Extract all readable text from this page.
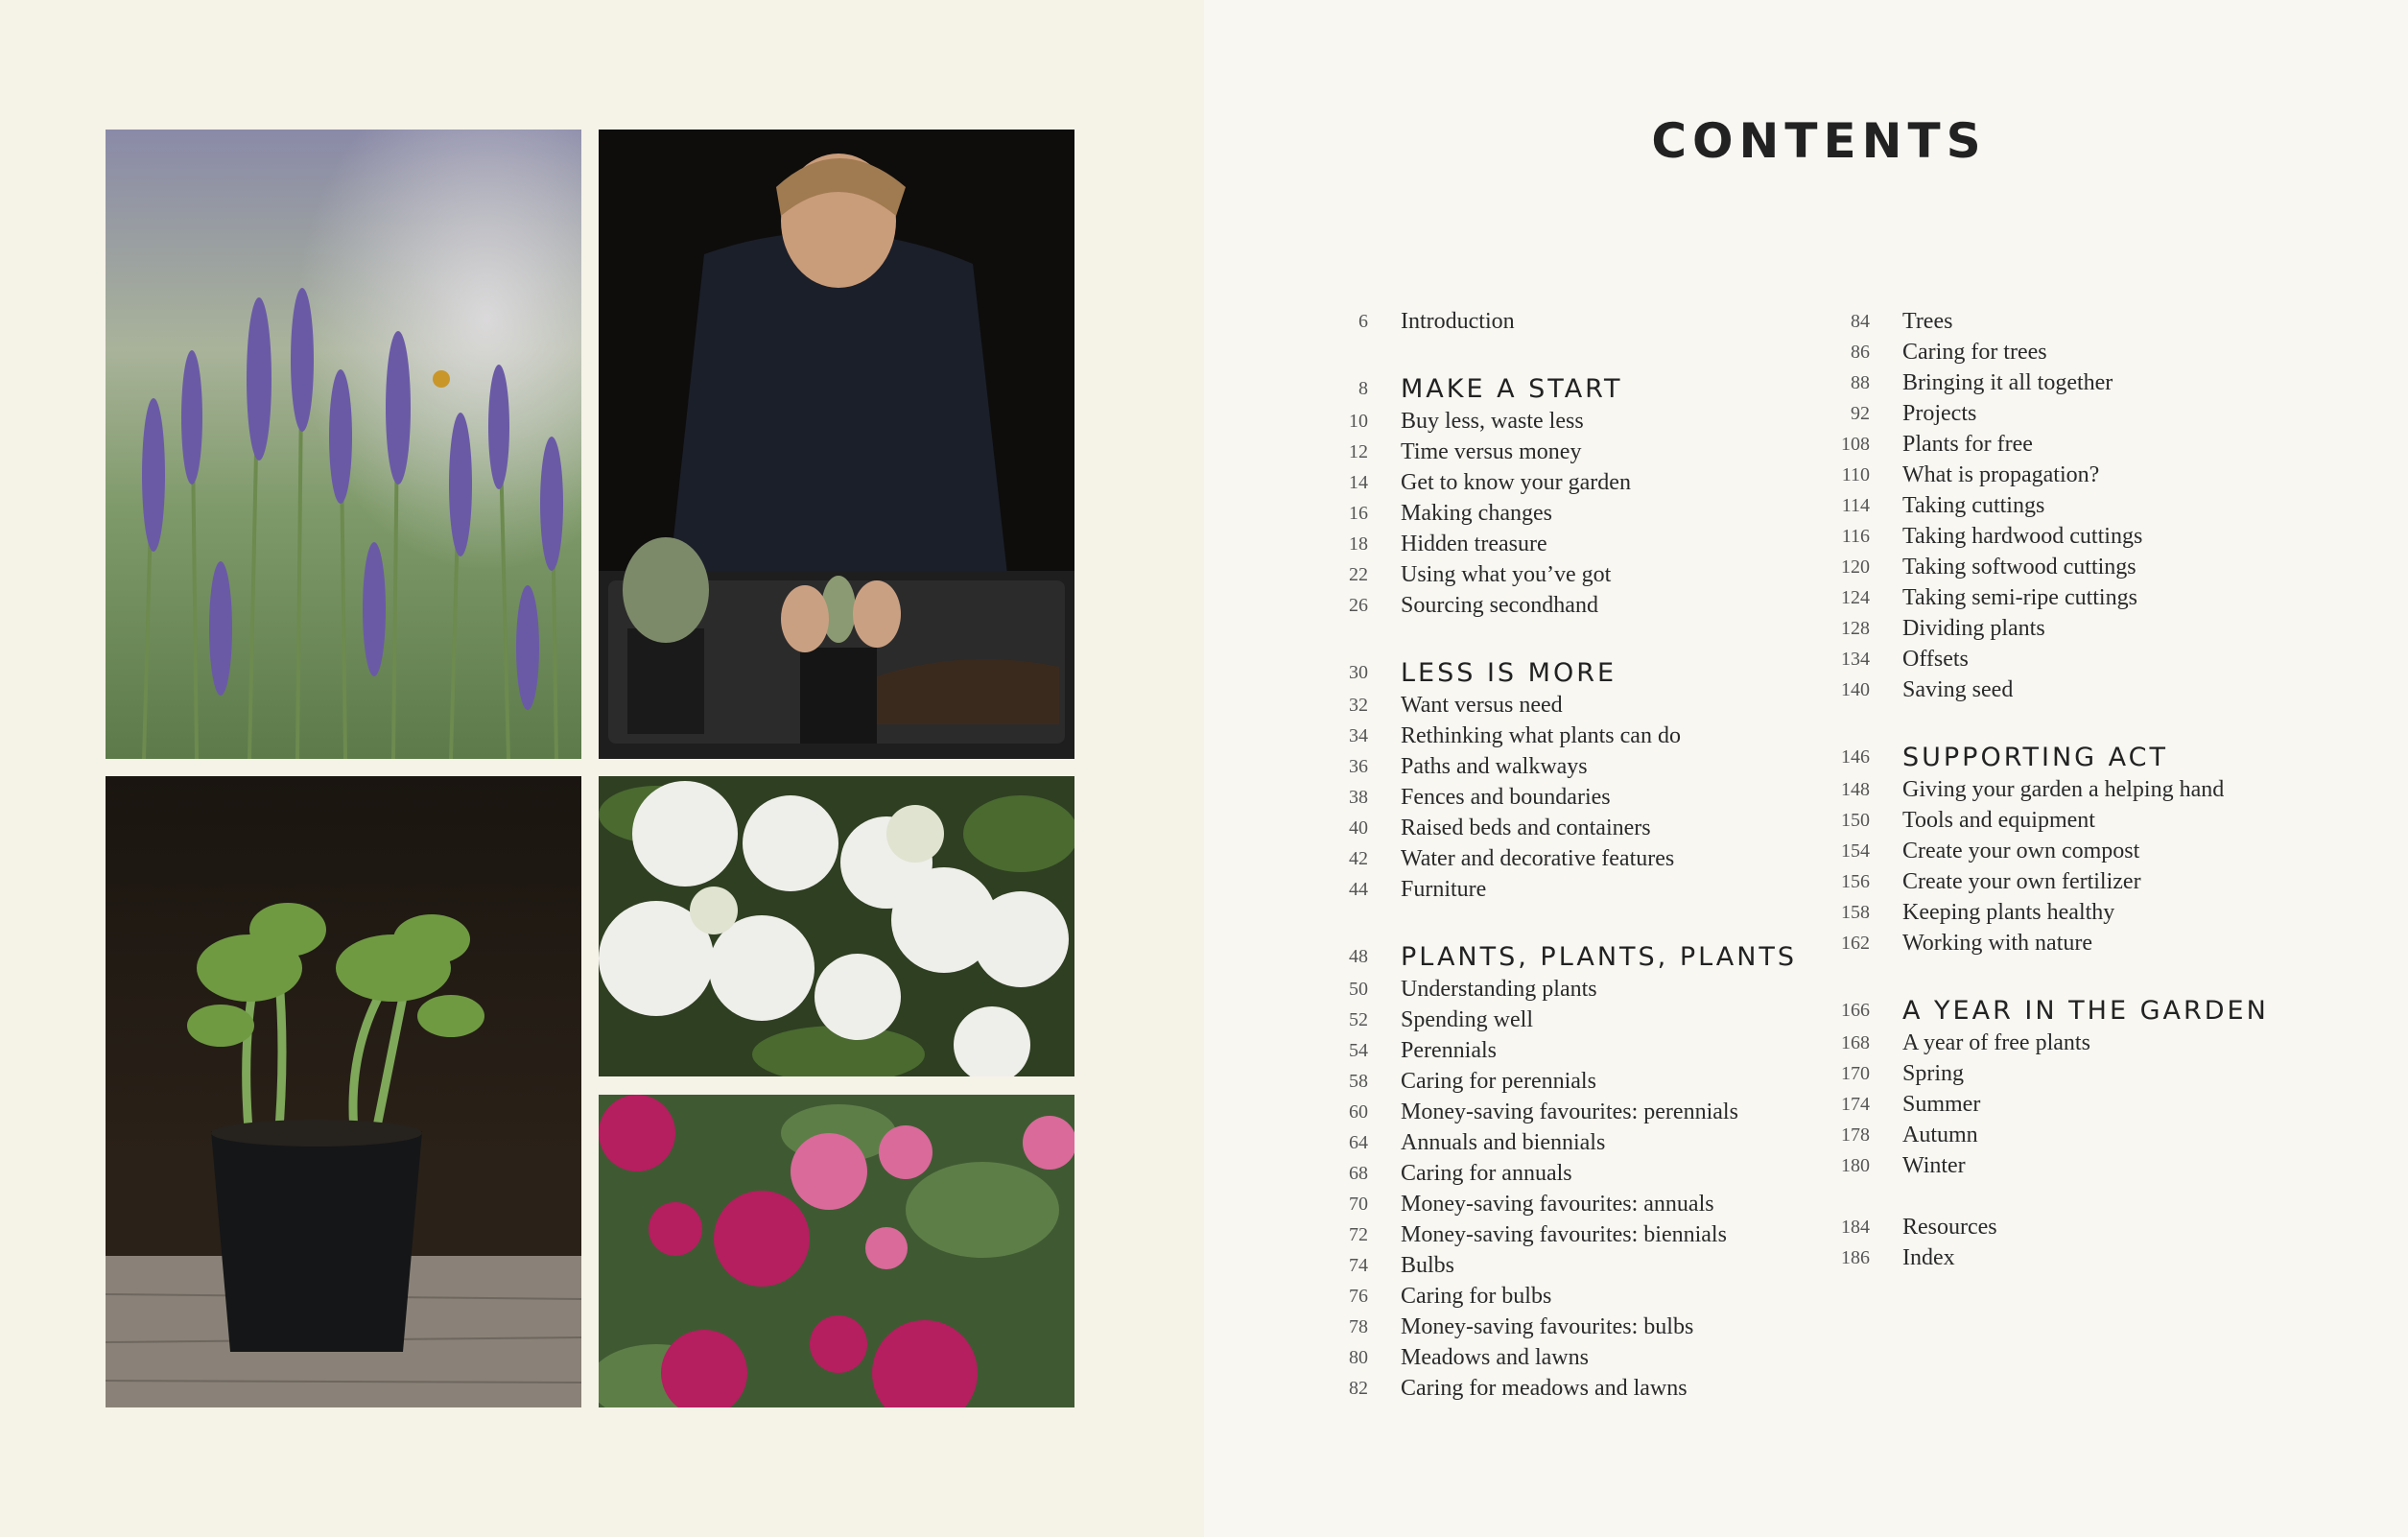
CONTENTS
6 Introduction
8 MAKE A START
10 Buy less, waste less
12 Time versus money
14 Get to know your garden
16 Making changes
18 Hidden treasure
22 Using what you’ve got
26 Sourcing secondhand
30 LESS IS MORE
32 Want versus need
34 Rethinking what plants can do
36 Paths and walkways
38 Fences and boundaries
40 Raised beds and containers
42 Water and decorative features
44 Furniture
48 PLANTS, PLANTS, PLANTS
50 Understanding plants
52 Spending well
54 Perennials
58 Caring for perennials
60 Money-saving favourites: perennials
64 Annuals and biennials
68 Caring for annuals
70 Money-saving favourites: annuals
72 Money-saving favourites: biennials
74 Bulbs
76 Caring for bulbs
78 Money-saving favourites: bulbs
80 Meadows and lawns
82 Caring for meadows and lawns
84 Trees
86 Caring for trees
88 Bringing it all together
92 Projects
108 Plants for free
110 What is propagation?
114 Taking cuttings
116 Taking hardwood cuttings
120 Taking softwood cuttings
124 Taking semi-ripe cuttings
128 Dividing plants
134 Offsets
140 Saving seed
146 SUPPORTING ACT
148 Giving your garden a helping hand
150 Tools and equipment
154 Create your own compost
156 Create your own fertilizer
158 Keeping plants healthy
162 Working with nature
166 A YEAR IN THE GARDEN
168 A year of free plants
170 Spring
174 Summer
178 Autumn
180 Winter
184 Resources
186 Index
